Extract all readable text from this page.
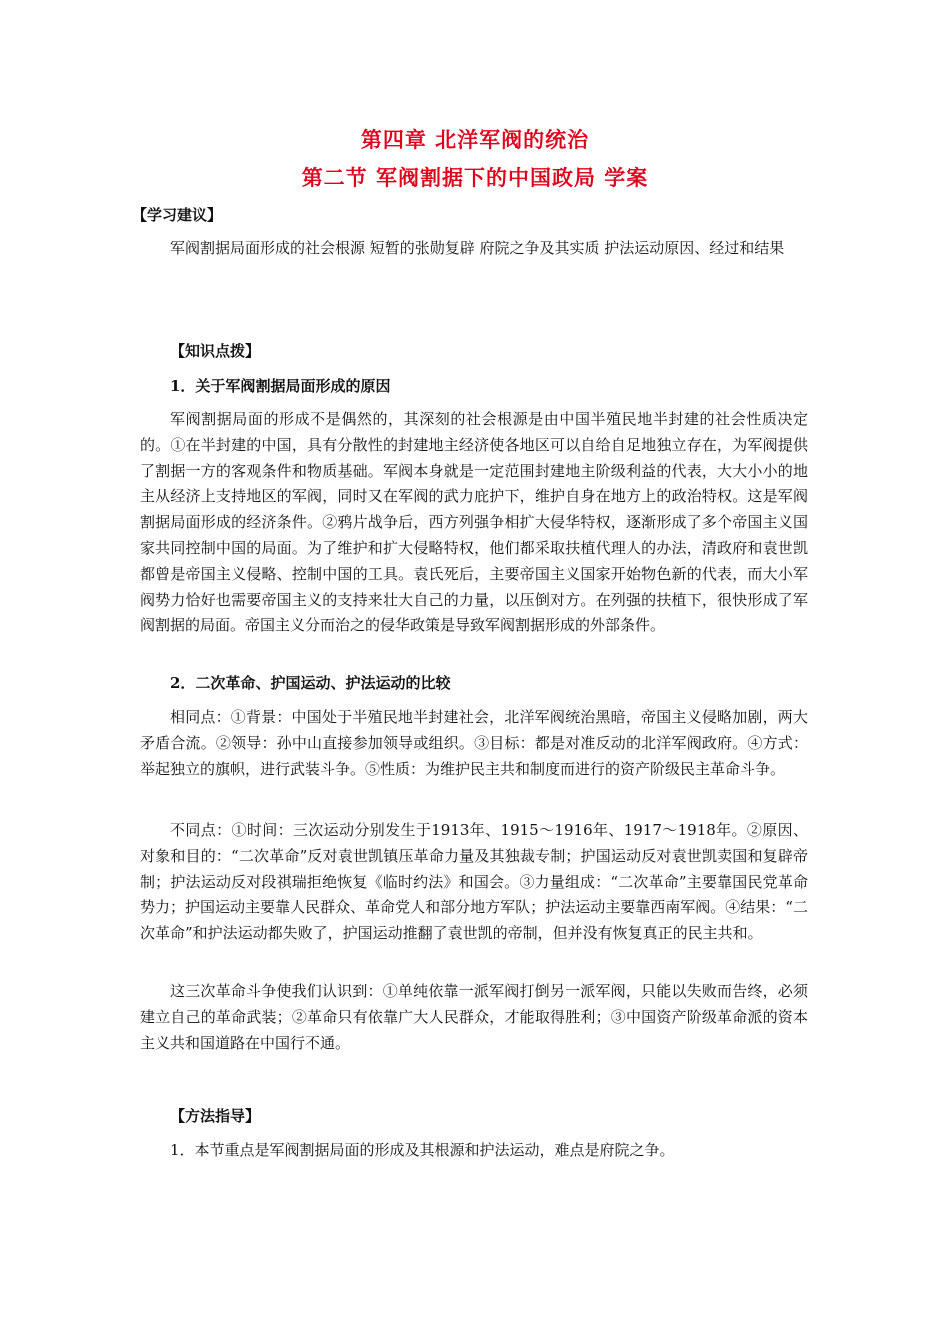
第四章 北洋军阀的统治
第二节 军阀割据下的中国政局 学案
【学习建议】
军阀割据局面形成的社会根源 短暂的张勋复辟 府院之争及其实质 护法运动原因、经过和结果
【知识点拨】
1．关于军阀割据局面形成的原因
军阀割据局面的形成不是偶然的，其深刻的社会根源是由中国半殖民地半封建的社会性质决定的。①在半封建的中国，具有分散性的封建地主经济使各地区可以自给自足地独立存在，为军阀提供了割据一方的客观条件和物质基础。军阀本身就是一定范围封建地主阶级利益的代表，大大小小的地主从经济上支持地区的军阀，同时又在军阀的武力庇护下，维护自身在地方上的政治特权。这是军阀割据局面形成的经济条件。②鸦片战争后，西方列强争相扩大侵华特权，逐渐形成了多个帝国主义国家共同控制中国的局面。为了维护和扩大侵略特权，他们都采取扶植代理人的办法，清政府和袁世凯都曾是帝国主义侵略、控制中国的工具。袁氏死后，主要帝国主义国家开始物色新的代表，而大小军阀势力恰好也需要帝国主义的支持来壮大自己的力量，以压倒对方。在列强的扶植下，很快形成了军阀割据的局面。帝国主义分而治之的侵华政策是导致军阀割据形成的外部条件。
2．二次革命、护国运动、护法运动的比较
相同点：①背景：中国处于半殖民地半封建社会，北洋军阀统治黑暗，帝国主义侵略加剧，两大矛盾合流。②领导：孙中山直接参加领导或组织。③目标：都是对准反动的北洋军阀政府。④方式：举起独立的旗帜，进行武装斗争。⑤性质：为维护民主共和制度而进行的资产阶级民主革命斗争。
不同点：①时间：三次运动分别发生于1913年、1915～1916年、1917～1918年。②原因、对象和目的：“二次革命”反对袁世凯镇压革命力量及其独裁专制；护国运动反对袁世凯卖国和复辟帝制；护法运动反对段祺瑞拒绝恢复《临时约法》和国会。③力量组成：“二次革命”主要靠国民党革命势力；护国运动主要靠人民群众、革命党人和部分地方军队；护法运动主要靠西南军阀。④结果：“二次革命”和护法运动都失败了，护国运动推翻了袁世凯的帝制，但并没有恢复真正的民主共和。
这三次革命斗争使我们认识到：①单纯依靠一派军阀打倒另一派军阀，只能以失败而告终，必须建立自己的革命武装；②革命只有依靠广大人民群众，才能取得胜利；③中国资产阶级革命派的资本主义共和国道路在中国行不通。
【方法指导】
1．本节重点是军阀割据局面的形成及其根源和护法运动，难点是府院之争。
